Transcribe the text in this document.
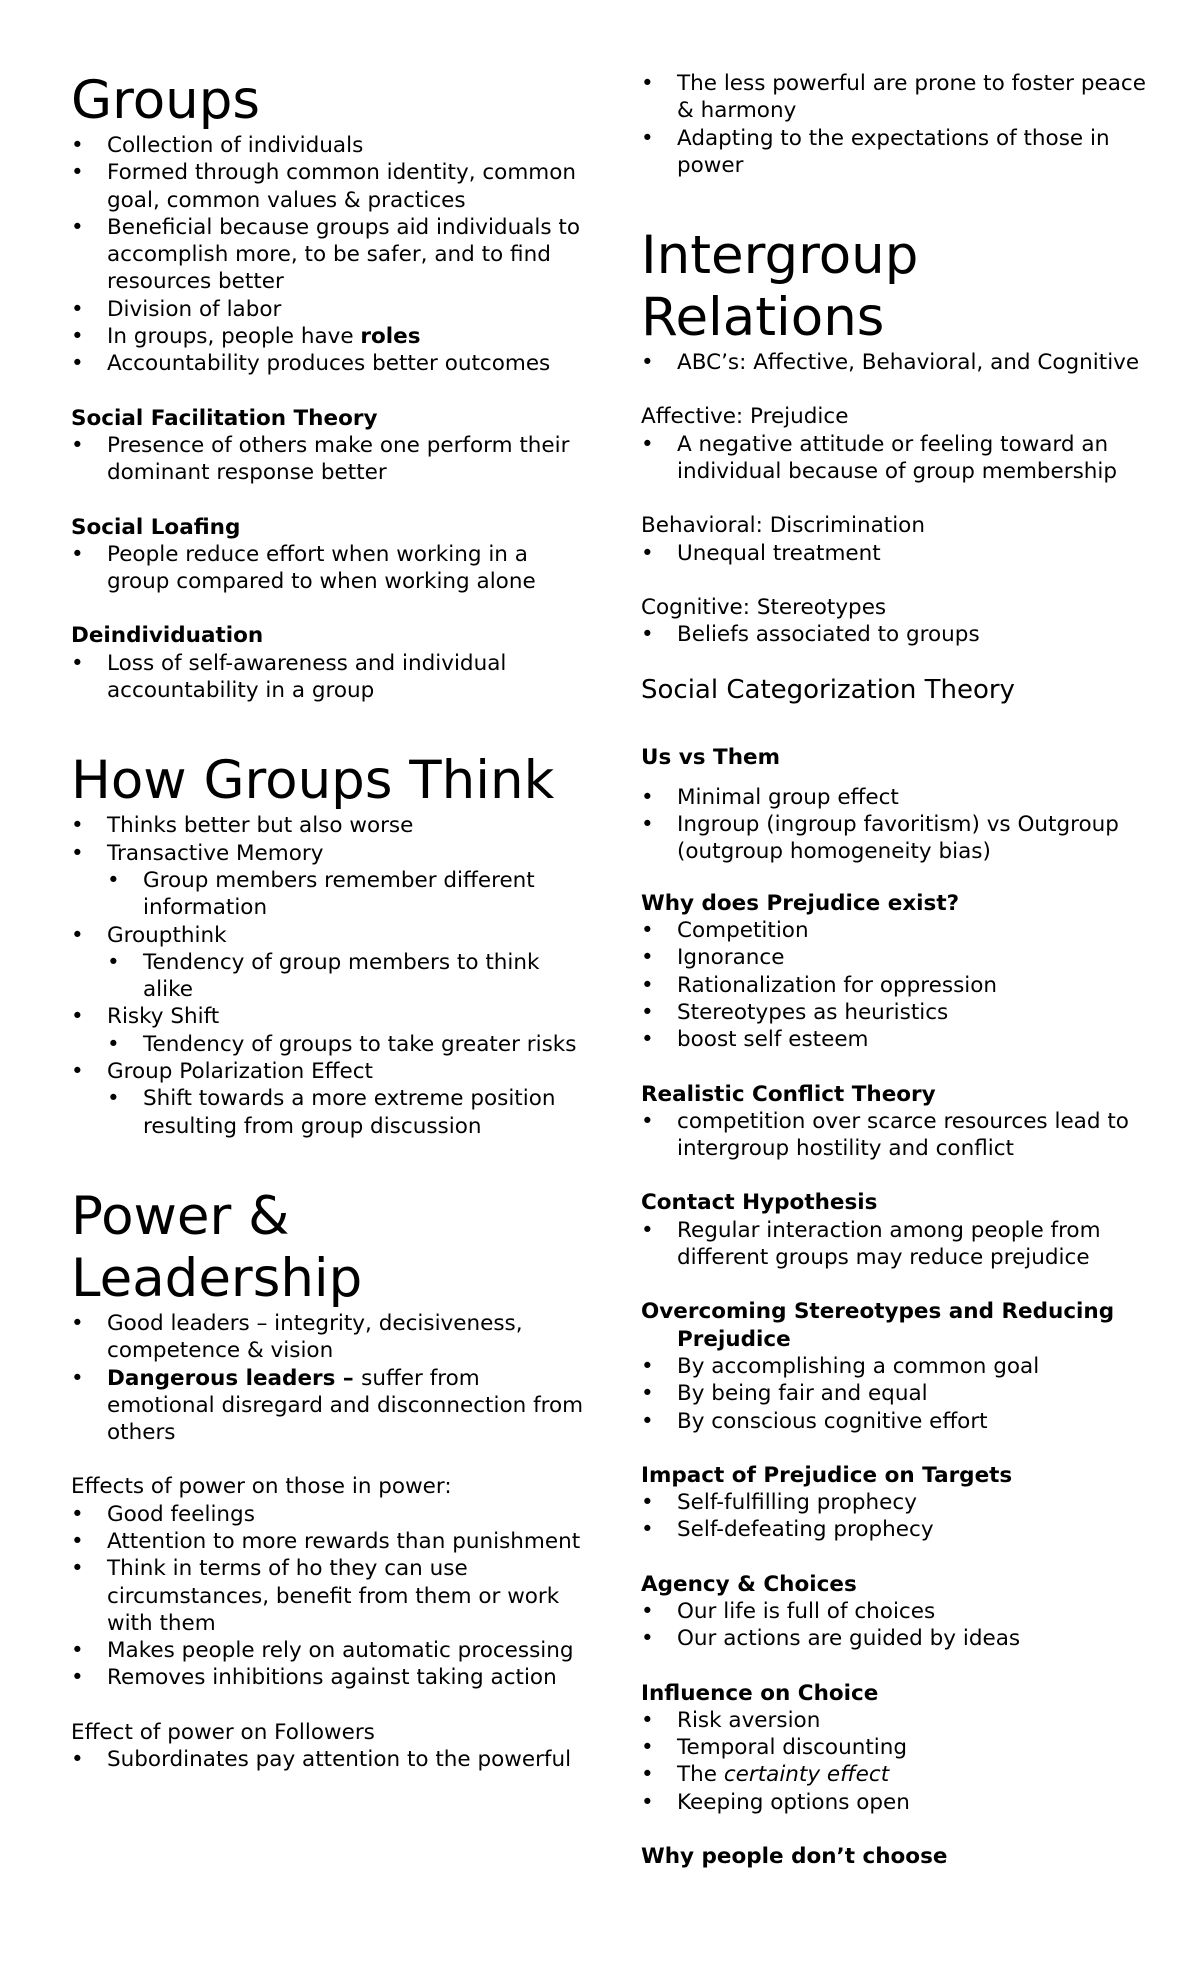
Groups
• Collection of individuals
• Formed through common identity, common goal, common values & practices
• Beneficial because groups aid individuals to accomplish more, to be safer, and to find resources better
• Division of labor
• In groups, people have roles
• Accountability produces better outcomes

Social Facilitation Theory

• Presence of others make one perform their dominant response better

Social Loafing

• People reduce effort when working in a group compared to when working alone

Deindividuation

• Loss of self-awareness and individual accountability in a group
How Groups Think
• Thinks better but also worse
• Transactive Memory
• Group members remember different information
• Groupthink
• Tendency of group members to think alike
• Risky Shift
• Tendency of groups to take greater risks
• Group Polarization Effect
• Shift towards a more extreme position resulting from group discussion
Power & Leadership
• Good leaders – integrity, decisiveness, competence & vision
• Dangerous leaders – suffer from emotional disregard and disconnection from others

Effects of power on those in power:

• Good feelings
• Attention to more rewards than punishment
• Think in terms of ho they can use circumstances, benefit from them or work with them
• Makes people rely on automatic processing
• Removes inhibitions against taking action

Effect of power on Followers

• Subordinates pay attention to the powerful
• The less powerful are prone to foster peace & harmony
• Adapting to the expectations of those in power
Intergroup Relations
• ABC’s: Affective, Behavioral, and Cognitive

Affective: Prejudice

• A negative attitude or feeling toward an individual because of group membership

Behavioral: Discrimination

• Unequal treatment

Cognitive: Stereotypes

• Beliefs associated to groups
Social Categorization Theory

Us vs Them

• Minimal group effect
• Ingroup (ingroup favoritism) vs Outgroup (outgroup homogeneity bias)

Why does Prejudice exist?

• Competition
• Ignorance
• Rationalization for oppression
• Stereotypes as heuristics
• boost self esteem

Realistic Conflict Theory

• competition over scarce resources lead to intergroup hostility and conflict

Contact Hypothesis

• Regular interaction among people from different groups may reduce prejudice

Overcoming Stereotypes and Reducing Prejudice

• By accomplishing a common goal
• By being fair and equal
• By conscious cognitive effort

Impact of Prejudice on Targets

• Self-fulfilling prophecy
• Self-defeating prophecy

Agency & Choices

• Our life is full of choices
• Our actions are guided by ideas

Influence on Choice

• Risk aversion
• Temporal discounting
• The certainty effect
• Keeping options open

Why people don’t choose
